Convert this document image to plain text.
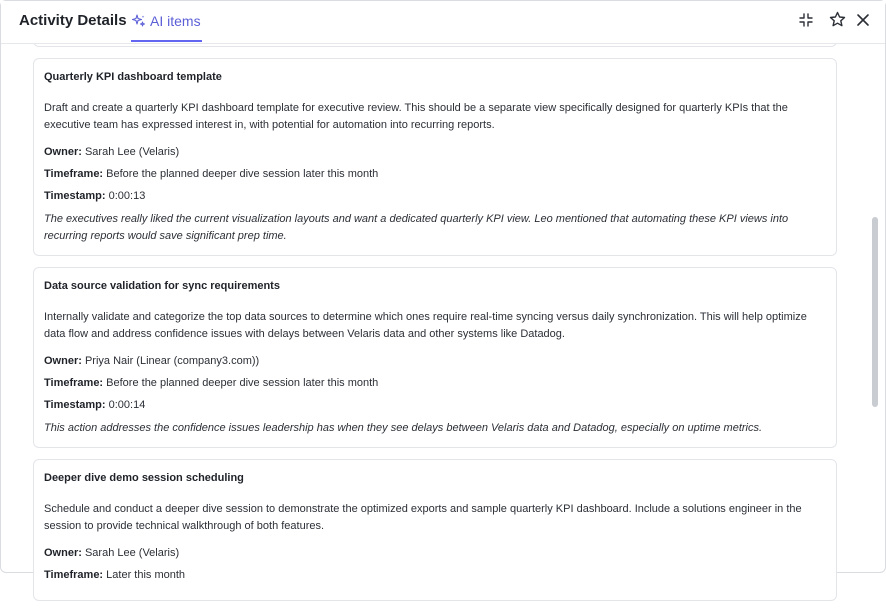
Activity Details AI items
Quarterly KPI dashboard template
Draft and create a quarterly KPI dashboard template for executive review. This should be a separate view specifically designed for quarterly KPIs that the executive team has expressed interest in, with potential for automation into recurring reports.
Owner: Sarah Lee (Velaris)
Timeframe: Before the planned deeper dive session later this month
Timestamp: 0:00:13
The executives really liked the current visualization layouts and want a dedicated quarterly KPI view. Leo mentioned that automating these KPI views into recurring reports would save significant prep time.
Data source validation for sync requirements
Internally validate and categorize the top data sources to determine which ones require real-time syncing versus daily synchronization. This will help optimize data flow and address confidence issues with delays between Velaris data and other systems like Datadog.
Owner: Priya Nair (Linear (company3.com))
Timeframe: Before the planned deeper dive session later this month
Timestamp: 0:00:14
This action addresses the confidence issues leadership has when they see delays between Velaris data and Datadog, especially on uptime metrics.
Deeper dive demo session scheduling
Schedule and conduct a deeper dive session to demonstrate the optimized exports and sample quarterly KPI dashboard. Include a solutions engineer in the session to provide technical walkthrough of both features.
Owner: Sarah Lee (Velaris)
Timeframe: Later this month
